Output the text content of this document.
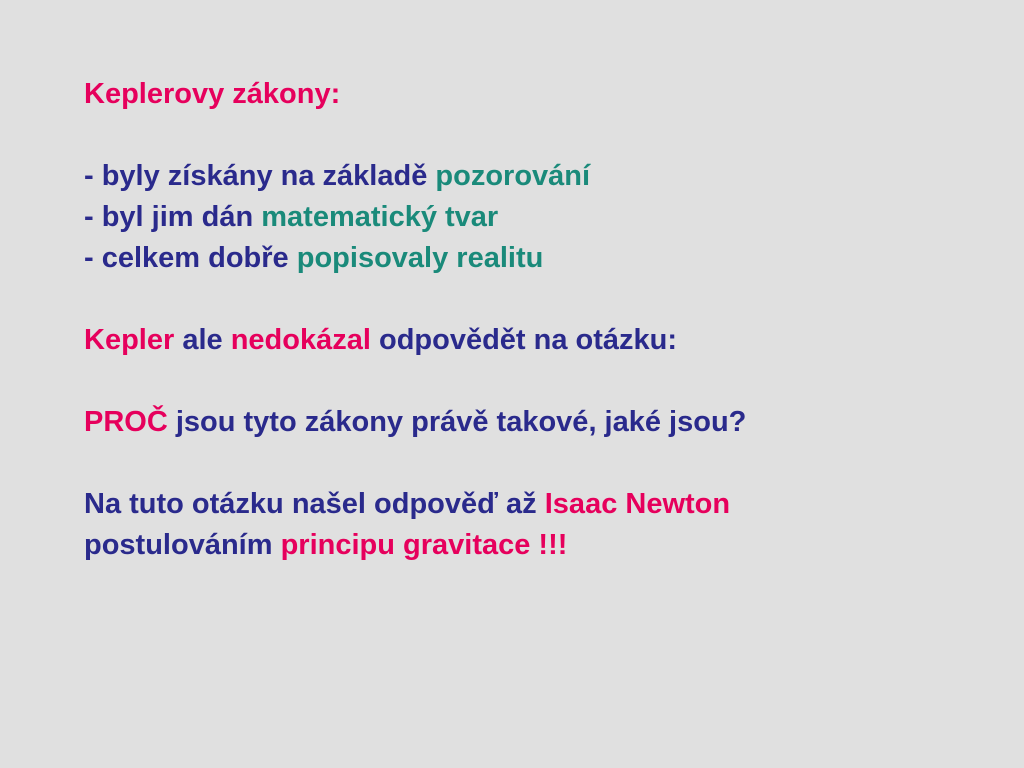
Keplerovy zákony:
- byly získány na základě pozorování
- byl jim dán matematický tvar
- celkem dobře popisovaly realitu
Kepler ale nedokázal odpovědět na otázku:
PROČ jsou tyto zákony právě takové, jaké jsou?
Na tuto otázku našel odpověď až Isaac Newton
postulováním principu gravitace !!!
